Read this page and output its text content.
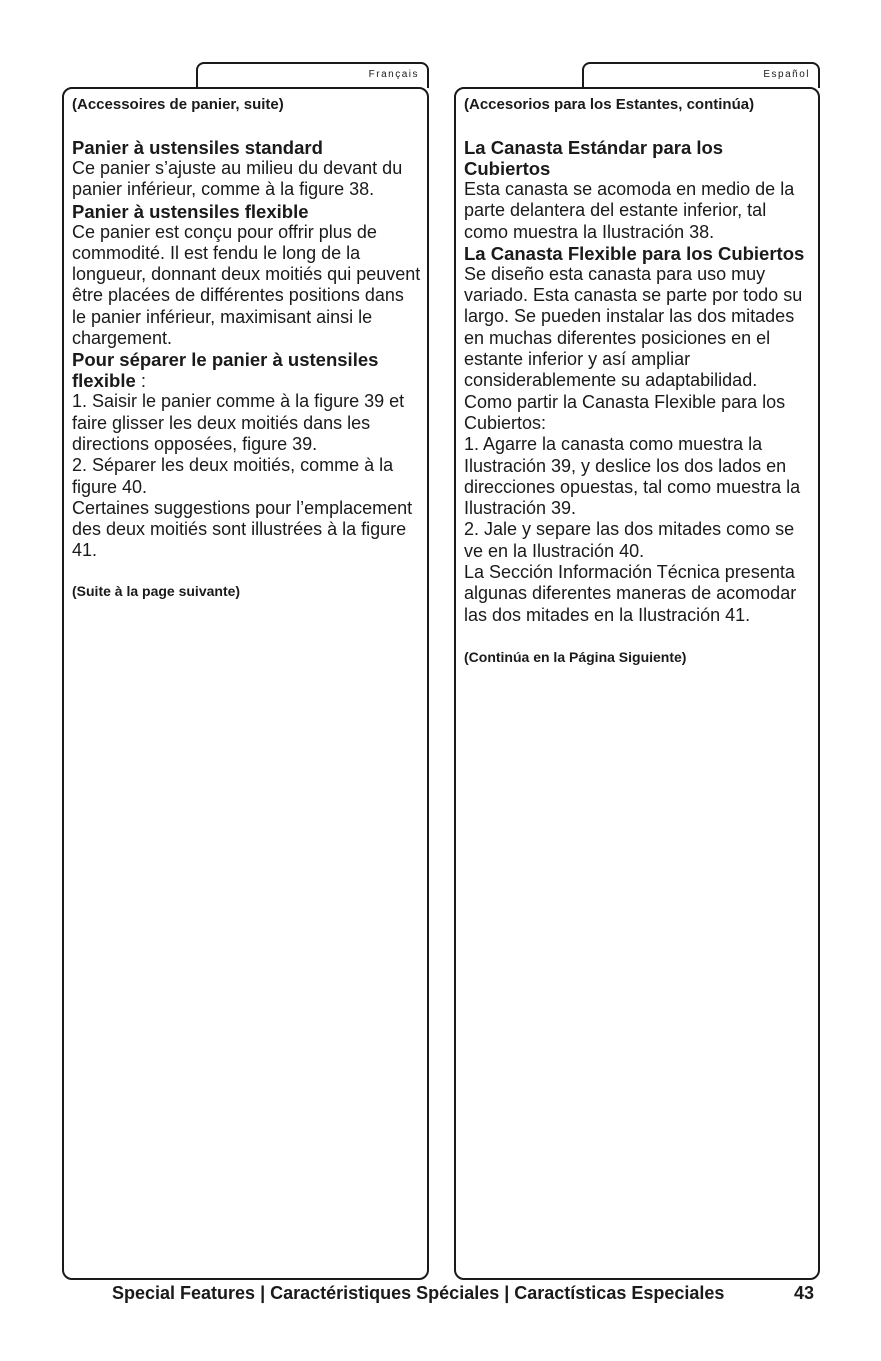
Français

(Accessoires de panier, suite)

Panier à ustensiles standard

Ce panier s’ajuste au milieu du devant du panier inférieur, comme à la figure 38.

Panier à ustensiles flexible

Ce panier est conçu pour offrir plus de commodité. Il est fendu le long de la longueur, donnant deux moitiés qui peuvent être placées de différentes positions dans le panier inférieur, maximisant ainsi le chargement.

Pour séparer le panier à ustensiles flexible :

1. Saisir le panier comme à la figure 39 et faire glisser les deux moitiés dans les directions opposées, figure 39.

2. Séparer les deux moitiés, comme à la figure 40.

Certaines suggestions pour l’emplacement des deux moitiés sont illustrées à la figure 41.

(Suite à la page suivante)

Español

(Accesorios para los Estantes, continúa)

La Canasta Estándar para los Cubiertos

Esta canasta se acomoda en medio de la parte delantera del estante inferior, tal como muestra la Ilustración 38.

La Canasta Flexible para los Cubiertos

Se diseño esta canasta para uso muy variado. Esta canasta se parte por todo su largo. Se pueden instalar las dos mitades en muchas diferentes posiciones en el estante inferior y así ampliar considerablemente su adaptabilidad.

Como partir la Canasta Flexible para los Cubiertos:

1. Agarre la canasta como muestra la Ilustración 39, y deslice los dos lados en direcciones opuestas, tal como muestra la Ilustración 39.

2. Jale y separe las dos mitades como se ve en la Ilustración 40.

La Sección Información Técnica presenta algunas diferentes maneras de acomodar las dos mitades en la Ilustración 41.

(Continúa en la Página Siguiente)

Special Features | Caractéristiques Spéciales | Caractísticas Especiales	43
